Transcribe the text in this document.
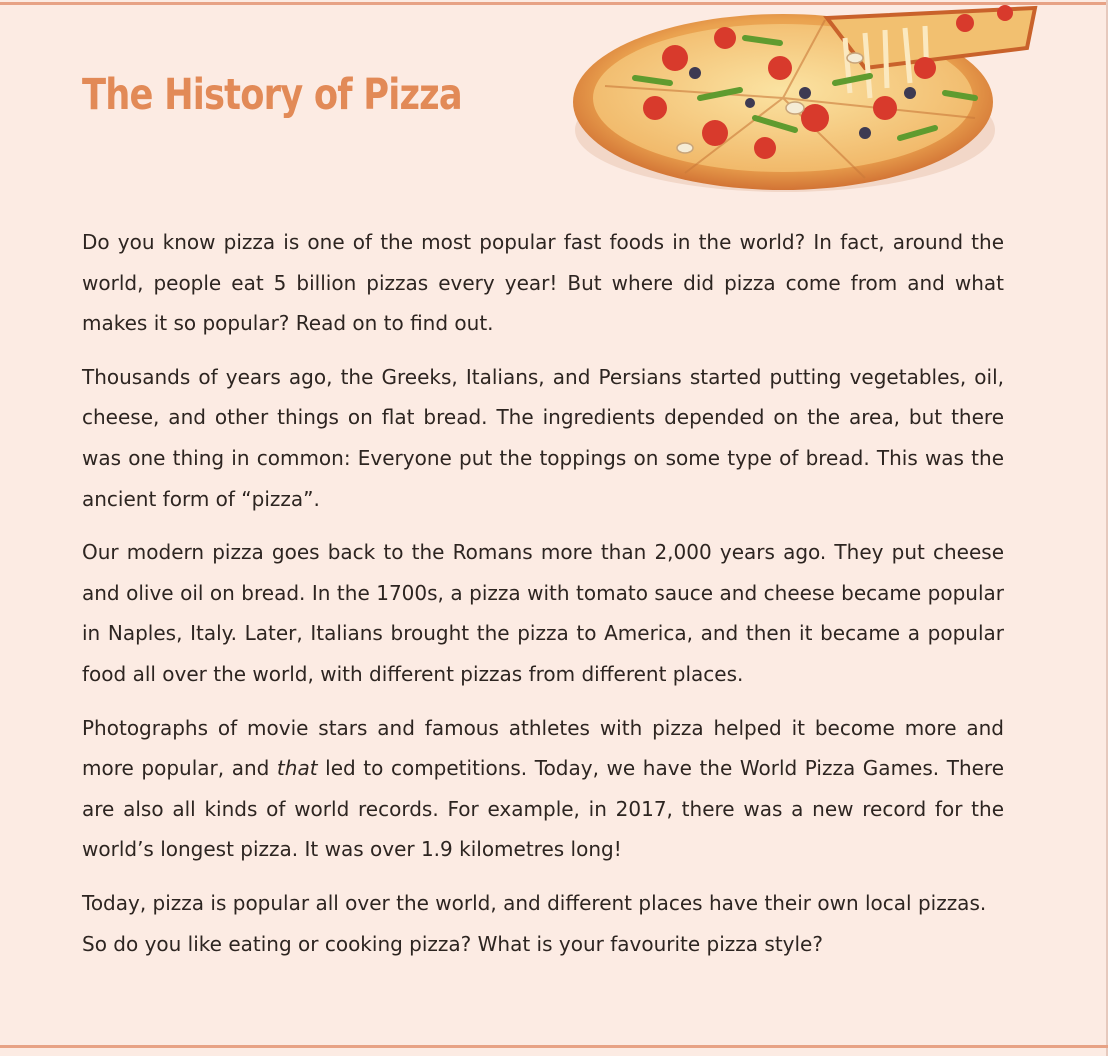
The History of Pizza

Do you know pizza is one of the most popular fast foods in the world? In fact, around the world, people eat 5 billion pizzas every year! But where did pizza come from and what makes it so popular? Read on to find out.

Thousands of years ago, the Greeks, Italians, and Persians started putting vegetables, oil, cheese, and other things on flat bread. The ingredients depended on the area, but there was one thing in common: Everyone put the toppings on some type of bread. This was the ancient form of “pizza”.

Our modern pizza goes back to the Romans more than 2,000 years ago. They put cheese and olive oil on bread. In the 1700s, a pizza with tomato sauce and cheese became popular in Naples, Italy. Later, Italians brought the pizza to America, and then it became a popular food all over the world, with different pizzas from different places.

Photographs of movie stars and famous athletes with pizza helped it become more and more popular, and that led to competitions. Today, we have the World Pizza Games. There are also all kinds of world records. For example, in 2017, there was a new record for the world’s longest pizza. It was over 1.9 kilometres long!

Today, pizza is popular all over the world, and different places have their own local pizzas. So do you like eating or cooking pizza? What is your favourite pizza style?
